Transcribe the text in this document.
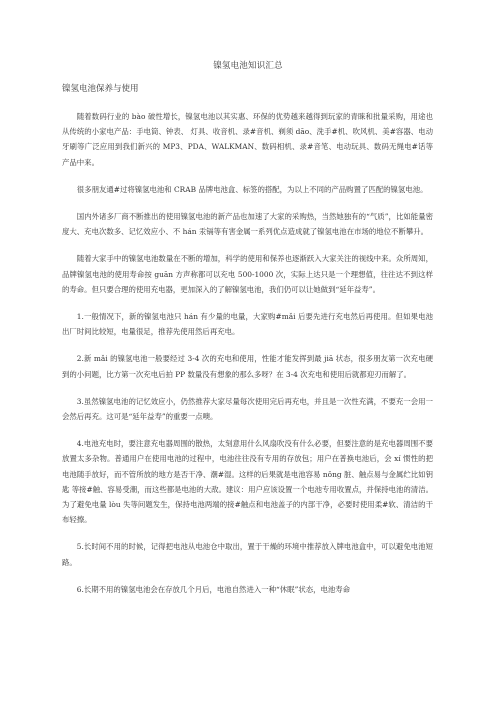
镍氢电池知识汇总
镍氢电池保养与使用

随着数码行业的 bào 破性增长，镍氢电池以其实惠、环保的优势越来越得到玩家的青睐和批量采购，用途也从传统的小家电产品：手电筒、钟表、 灯具、收音机、录#音机、剃须 dāo、洗手#机、吹风机、美#容器、电动牙刷等广泛应用到我们新兴的 MP3、PDA、WALKMAN、数码相机、录#音笔、电动玩具、数码无绳电#话等产品中来。

很多朋友通#过将镍氢电池和 CRAB 品牌电池盒、标签的搭配，为以上不同的产品购置了匹配的镍氢电池。

国内外诸多厂商不断推出的使用镍氢电池的新产品也加速了大家的采购热，当然她独有的“气质”，比如能量密度大、充电次数多、记忆效应小、不 hán 汞镉等有害金属一系列优点造成就了镍氢电池在市场的地位不断攀升。

随着大家手中的镍氢电池数量在不断的增加，科学的使用和保养也逐渐跃入大家关注的视线中来。众所周知，品牌镍氢电池的使用寿命按 guān 方声称都可以充电 500-1000 次，实际上达只是一个理想值，往往达不到这样的寿命。但只要合理的使用充电器，更加深入的了解镍氢电池，我们仍可以让她做到“延年益寿”。

1.一般情况下，新的镍氢电池只 hán 有少量的电量，大家购#mǎi 后要先进行充电然后再使用。但如果电池出厂时间比较短，电量很足，推荐先使用然后再充电。

2.新 mǎi 的镍氢电池一般要经过 3-4 次的充电和使用，性能才能发挥到最 jiā 状态，很多朋友第一次充电硬到的小问题，比方第一次充电后拍 PP 数量没有想象的那么多呀？在 3-4 次充电和使用后就都迎刃而解了。

3.虽然镍氢电池的记忆效应小，仍然推荐大家尽量每次使用完后再充电，并且是一次性充满，不要充一会用一会然后再充。这可是“延年益寿”的重要一点噢。

4.电池充电时，要注意充电器周围的散热，太刻意用什么风扇吹没有什么必要，但要注意的是充电器周围不要放置太多杂物。普通用户在使用电池的过程中，电池往往没有专用的存放包；用户在普换电池后，会 xí 惯性的把电池随手放好，而不管所放的地方是否干净、潮#湿。这样的后果就是电池容易 nǒng 脏、触点易与金属纻比如钥匙 等接#触、容易受潮，而这些都是电池的大敌。建议：用户应该设置一个电池专用收置点，并保持电池的清洁。为了避免电量 lòu 失等问题发生，保持电池两端的接#触点和电池盖子的内部干净，必要时使用柔#软、清洁的干布轻擦。

5.长时间不用的时候，记得把电池从电池仓中取出，置于干燥的环境中推荐放入牌电池盒中，可以避免电池短路。

6.长期不用的镍氢电池会在存放几个月后，电池自然进入一种“休眠”状态，电池寿命
